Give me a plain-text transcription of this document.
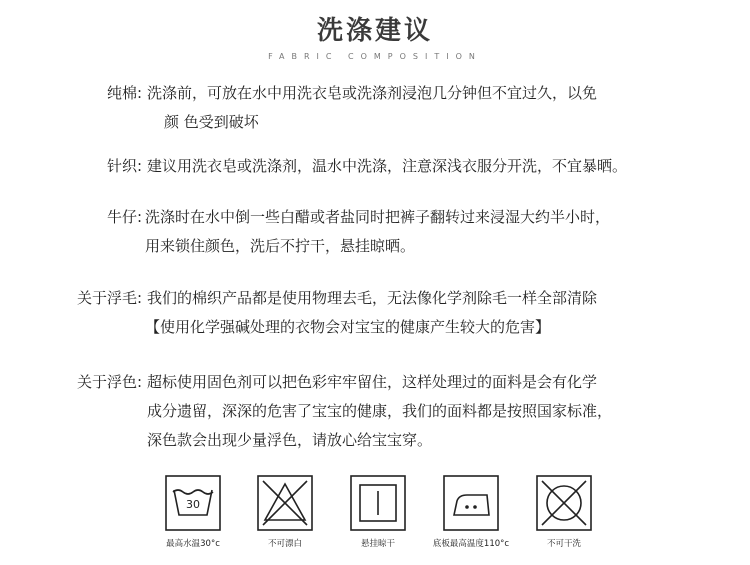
洗涤建议
FABRIC COMPOSITION
纯棉: 洗涤前，可放在水中用洗衣皂或洗涤剂浸泡几分钟但不宜过久，以免
颜 色受到破坏
针织: 建议用洗衣皂或洗涤剂，温水中洗涤，注意深浅衣服分开洗，不宜暴晒。
牛仔: 洗涤时在水中倒一些白醋或者盐同时把裤子翻转过来浸湿大约半小时，
用来锁住颜色，洗后不拧干，悬挂晾晒。
关于浮毛: 我们的棉织产品都是使用物理去毛，无法像化学剂除毛一样全部清除
【使用化学强碱处理的衣物会对宝宝的健康产生较大的危害】
关于浮色: 超标使用固色剂可以把色彩牢牢留住，这样处理过的面料是会有化学
成分遗留，深深的危害了宝宝的健康，我们的面料都是按照国家标准，
深色款会出现少量浮色，请放心给宝宝穿。
30
最高水温30°c	不可漂白	悬挂晾干	底板最高温度110°c	不可干洗
